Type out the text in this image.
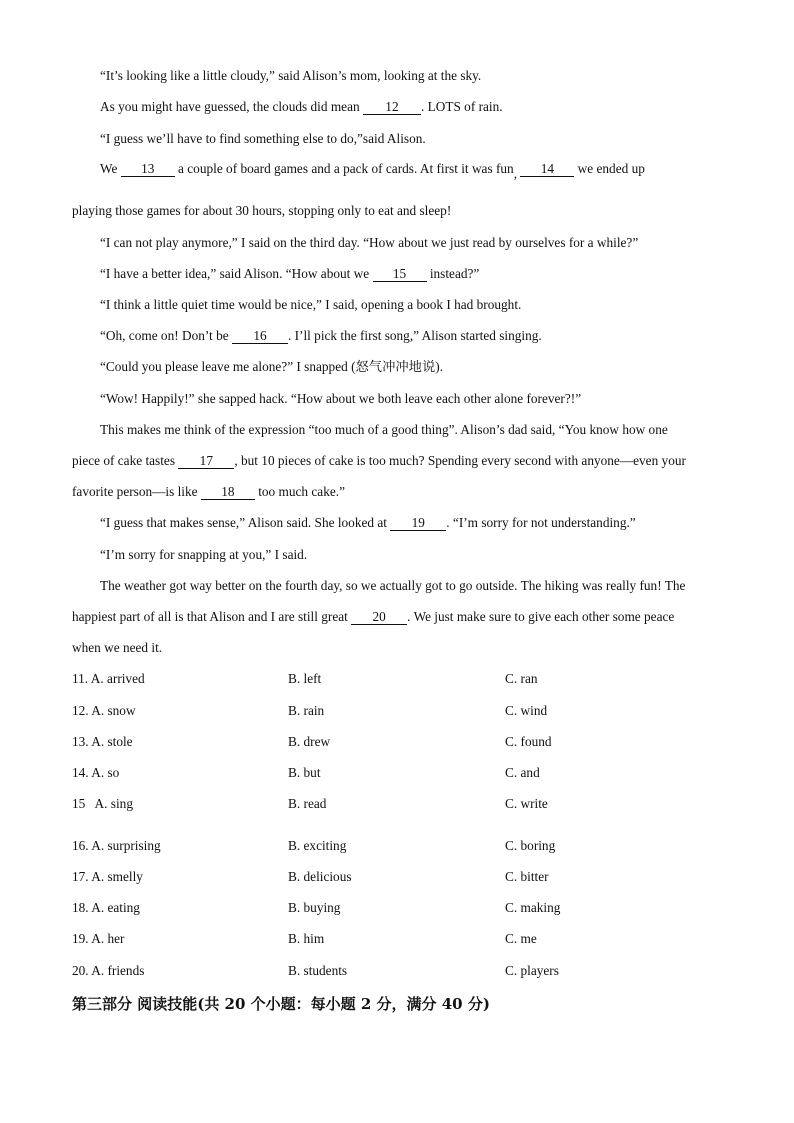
“It’s looking like a little cloudy,” said Alison’s mom, looking at the sky.
As you might have guessed, the clouds did mean 12 . LOTS of rain.
“I guess we’ll have to find something else to do,”said Alison.
We 13 a couple of board games and a pack of cards. At first it was fun, 14 we ended up
playing those games for about 30 hours, stopping only to eat and sleep!
“I can not play anymore,” I said on the third day. “How about we just read by ourselves for a while?”
“I have a better idea,” said Alison. “How about we 15 instead?”
“I think a little quiet time would be nice,” I said, opening a book I had brought.
“Oh, come on! Don’t be 16 . I’ll pick the first song,” Alison started singing.
“Could you please leave me alone?” I snapped (怒气冲冲地说).
“Wow! Happily!” she sapped hack. “How about we both leave each other alone forever?!”
This makes me think of the expression “too much of a good thing”. Alison’s dad said, “You know how one
piece of cake tastes 17 , but 10 pieces of cake is too much? Spending every second with anyone—even your
favorite person—is like 18 too much cake.”
“I guess that makes sense,” Alison said. She looked at 19 . “I’m sorry for not understanding.”
“I’m sorry for snapping at you,” I said.
The weather got way better on the fourth day, so we actually got to go outside. The hiking was really fun! The
happiest part of all is that Alison and I are still great 20 . We just make sure to give each other some peace
when we need it.
11. A. arrived	B. left	C. ran
12. A. snow	B. rain	C. wind
13. A. stole	B. drew	C. found
14. A. so	B. but	C. and
15   A. sing	B. read	C. write
16. A. surprising	B. exciting	C. boring
17. A. smelly	B. delicious	C. bitter
18. A. eating	B. buying	C. making
19. A. her	B. him	C. me
20. A. friends	B. students	C. players
第三部分 阅读技能(共 20 个小题：每小题 2 分，满分 40 分)
